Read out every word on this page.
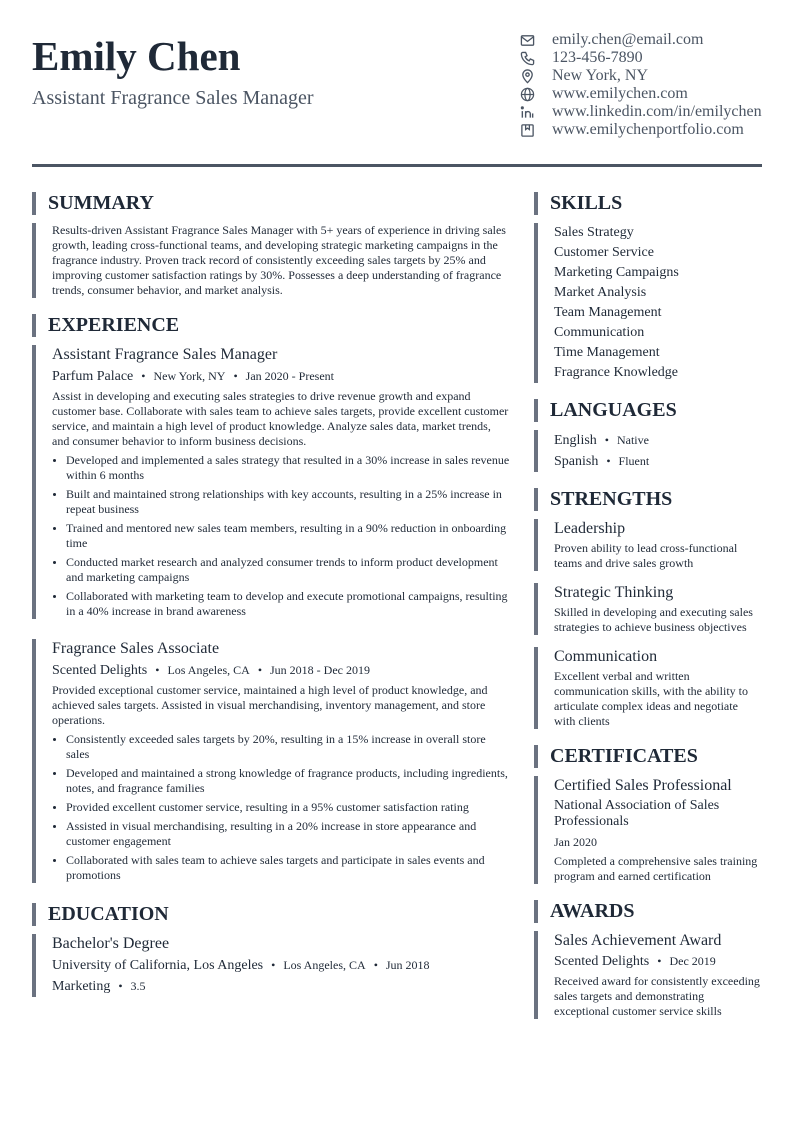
Emily Chen
Assistant Fragrance Sales Manager
emily.chen@email.com
123-456-7890
New York, NY
www.emilychen.com
www.linkedin.com/in/emilychen
www.emilychenportfolio.com
SUMMARY
Results-driven Assistant Fragrance Sales Manager with 5+ years of experience in driving sales growth, leading cross-functional teams, and developing strategic marketing campaigns in the fragrance industry. Proven track record of consistently exceeding sales targets by 25% and improving customer satisfaction ratings by 30%. Possesses a deep understanding of fragrance trends, consumer behavior, and market analysis.
EXPERIENCE
Assistant Fragrance Sales Manager
Parfum Palace • New York, NY • Jan 2020 - Present
Assist in developing and executing sales strategies to drive revenue growth and expand customer base. Collaborate with sales team to achieve sales targets, provide excellent customer service, and maintain a high level of product knowledge. Analyze sales data, market trends, and consumer behavior to inform business decisions.
• Developed and implemented a sales strategy that resulted in a 30% increase in sales revenue within 6 months
• Built and maintained strong relationships with key accounts, resulting in a 25% increase in repeat business
• Trained and mentored new sales team members, resulting in a 90% reduction in onboarding time
• Conducted market research and analyzed consumer trends to inform product development and marketing campaigns
• Collaborated with marketing team to develop and execute promotional campaigns, resulting in a 40% increase in brand awareness
Fragrance Sales Associate
Scented Delights • Los Angeles, CA • Jun 2018 - Dec 2019
Provided exceptional customer service, maintained a high level of product knowledge, and achieved sales targets. Assisted in visual merchandising, inventory management, and store operations.
• Consistently exceeded sales targets by 20%, resulting in a 15% increase in overall store sales
• Developed and maintained a strong knowledge of fragrance products, including ingredients, notes, and fragrance families
• Provided excellent customer service, resulting in a 95% customer satisfaction rating
• Assisted in visual merchandising, resulting in a 20% increase in store appearance and customer engagement
• Collaborated with sales team to achieve sales targets and participate in sales events and promotions
EDUCATION
Bachelor's Degree
University of California, Los Angeles • Los Angeles, CA • Jun 2018
Marketing • 3.5
SKILLS
Sales Strategy
Customer Service
Marketing Campaigns
Market Analysis
Team Management
Communication
Time Management
Fragrance Knowledge
LANGUAGES
English • Native
Spanish • Fluent
STRENGTHS
Leadership
Proven ability to lead cross-functional teams and drive sales growth
Strategic Thinking
Skilled in developing and executing sales strategies to achieve business objectives
Communication
Excellent verbal and written communication skills, with the ability to articulate complex ideas and negotiate with clients
CERTIFICATES
Certified Sales Professional
National Association of Sales Professionals
Jan 2020
Completed a comprehensive sales training program and earned certification
AWARDS
Sales Achievement Award
Scented Delights • Dec 2019
Received award for consistently exceeding sales targets and demonstrating exceptional customer service skills
